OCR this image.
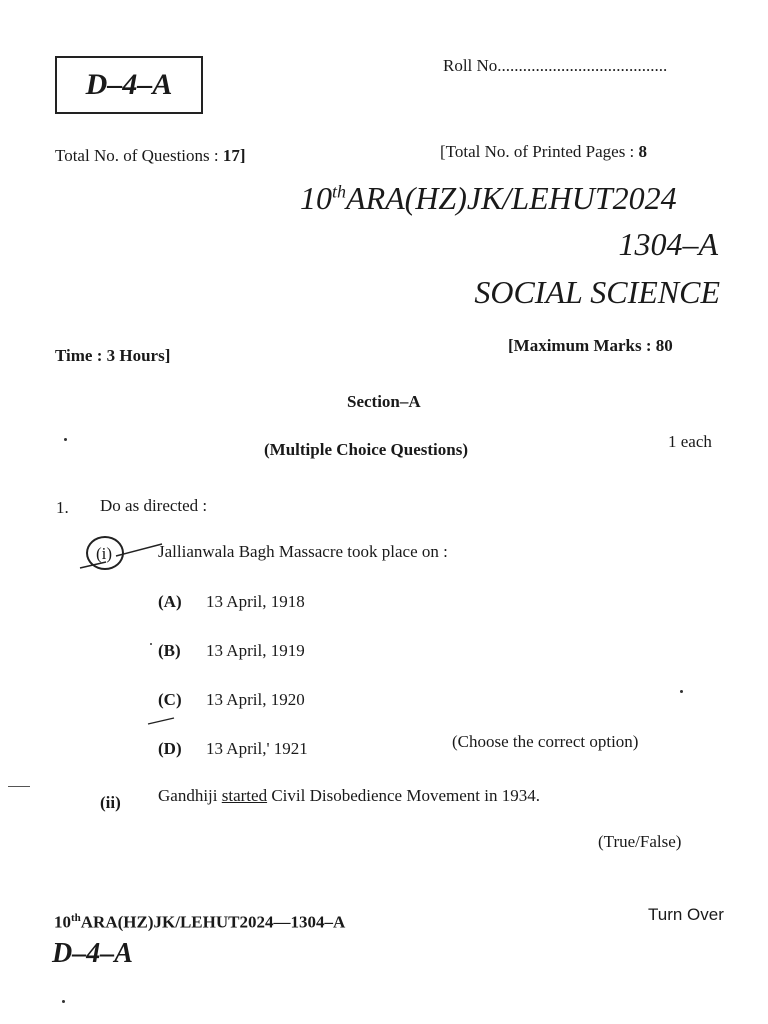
D–4–A
Roll No........................................
Total No. of Questions : 17]	[Total No. of Printed Pages : 8
10thARA(HZ)JK/LEHUT2024
1304–A
SOCIAL SCIENCE
Time : 3 Hours]
[Maximum Marks : 80
Section–A
(Multiple Choice Questions)	1 each
1. Do as directed :
(i)	Jallianwala Bagh Massacre took place on :
(A) 13 April, 1918
(B) 13 April, 1919
(C) 13 April, 1920
(D) 13 April,' 1921	(Choose the correct option)
(ii) Gandhiji started Civil Disobedience Movement in 1934.
(True/False)
10thARA(HZ)JK/LEHUT2024—1304–A
D–4–A
Turn Over
